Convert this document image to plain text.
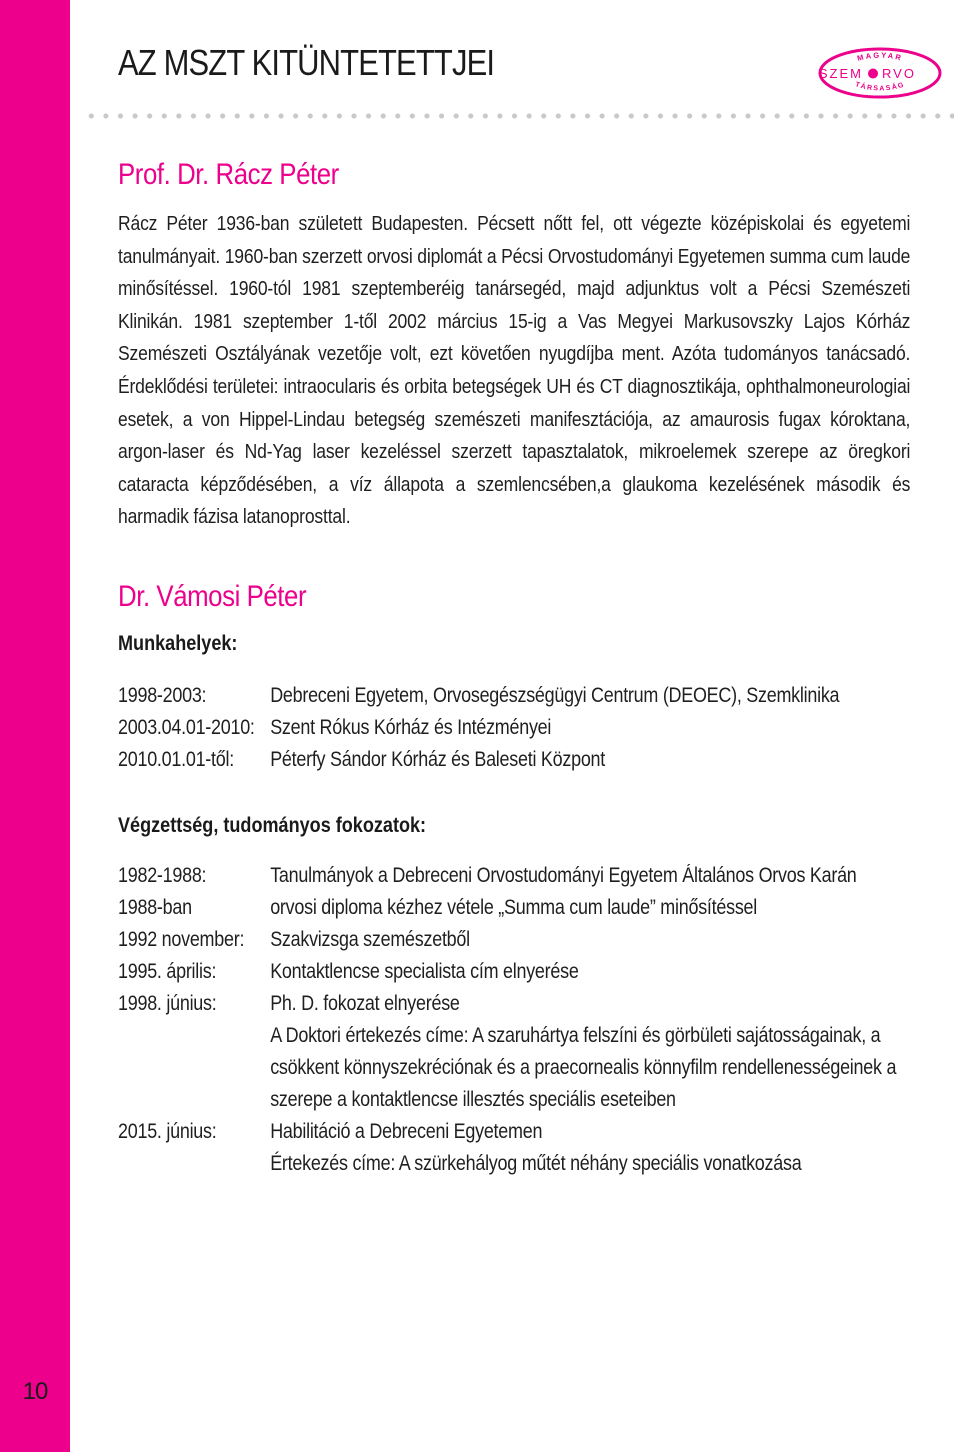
10
AZ MSZT KITÜNTETETTJEI	MAGYAR
TÁRSASÁG
SZEM RVO
Prof. Dr. Rácz Péter

Rácz Péter 1936-ban született Budapesten. Pécsett nőtt fel, ott végezte középiskolai és egyetemi tanulmányait. 1960-ban szerzett orvosi diplomát a Pécsi Orvostudományi Egyetemen summa cum laude minősítéssel. 1960-tól 1981 szeptemberéig tanársegéd, majd adjunktus volt a Pécsi Szemészeti Klinikán. 1981 szeptember 1-től 2002 március 15-ig a Vas Megyei Markusovszky Lajos Kórház Szemészeti Osztályának vezetője volt, ezt követően nyugdíjba ment. Azóta tudományos tanácsadó. Érdeklődési területei: intraocularis és orbita betegségek UH és CT diagnosztikája, ophthalmoneurologiai esetek, a von Hippel-Lindau betegség szemészeti manifesztációja, az amaurosis fugax kóroktana, argon-laser és Nd-Yag laser kezeléssel szerzett tapasztalatok, mikroelemek szerepe az öregkori cataracta képződésében, a víz állapota a szemlencsében,a glaukoma kezelésének második és harmadik fázisa latanoprosttal.

Dr. Vámosi Péter
Munkahelyek:
1998-2003:	Debreceni Egyetem, Orvosegészségügyi Centrum (DEOEC), Szemklinika
2003.04.01-2010: Szent Rókus Kórház és Intézményei
2010.01.01-től:	Péterfy Sándor Kórház és Baleseti Központ
Végzettség, tudományos fokozatok:
1982-1988:	Tanulmányok a Debreceni Orvostudományi Egyetem Általános Orvos Karán
1988-ban	orvosi diploma kézhez vétele „Summa cum laude” minősítéssel
1992 november:	Szakvizsga szemészetből
1995. április:	Kontaktlencse specialista cím elnyerése
1998. június:	Ph. D. fokozat elnyerése
A Doktori értekezés címe: A szaruhártya felszíni és görbületi sajátosságainak, a
csökkent könnyszekréciónak és a praecornealis könnyfilm rendellenességeinek a
szerepe a kontaktlencse illesztés speciális eseteiben
2015. június:	Habilitáció a Debreceni Egyetemen
Értekezés címe: A szürkehályog műtét néhány speciális vonatkozása
